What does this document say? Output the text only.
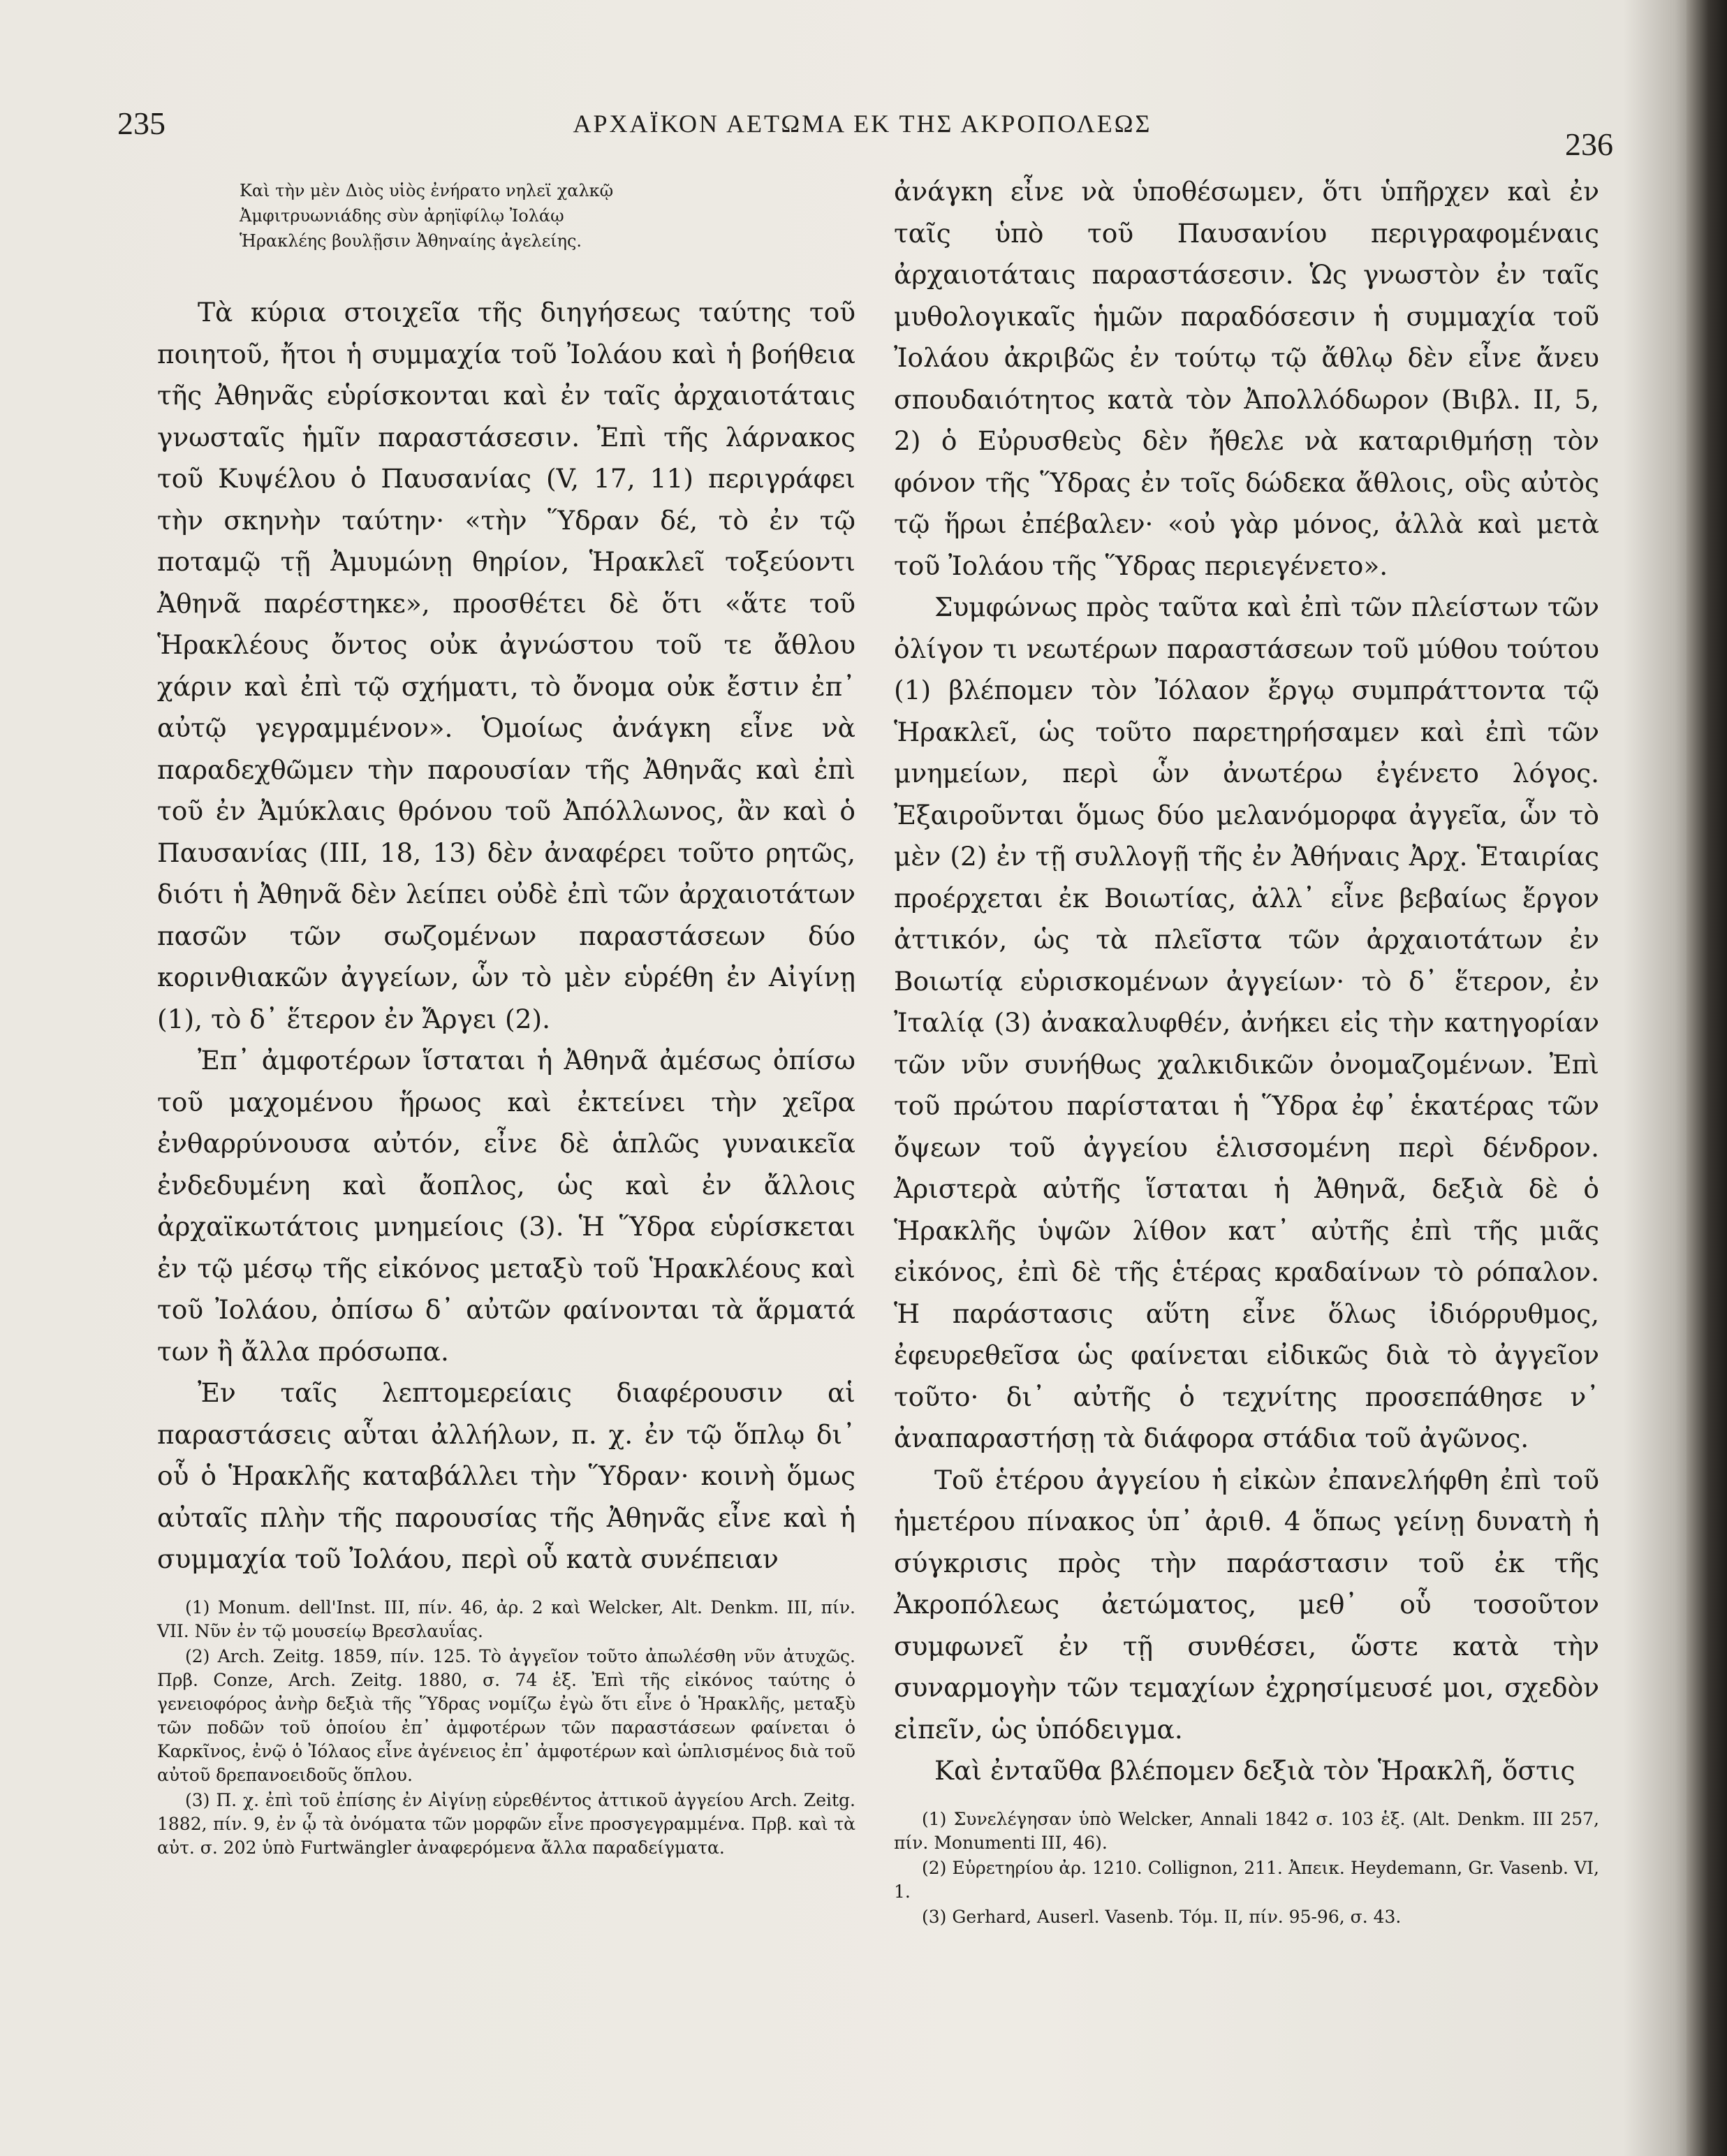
235	ΑΡΧΑΪΚΟΝ ΑΕΤΩΜΑ ΕΚ ΤΗΣ ΑΚΡΟΠΟΛΕΩΣ
236
Καὶ τὴν μὲν Διὸς υἱὸς ἐνήρατο νηλεϊ χαλκῷ
Ἀμφιτρυωνιάδης σὺν ἀρηϊφίλῳ Ἰολάῳ
Ἡρακλέης βουλῇσιν Ἀθηναίης ἀγελείης.

Τὰ κύρια στοιχεῖα τῆς διηγήσεως ταύτης τοῦ ποιητοῦ, ἤτοι ἡ συμμαχία τοῦ Ἰολάου καὶ ἡ βοήθεια τῆς Ἀθηνᾶς εὑρίσκονται καὶ ἐν ταῖς ἀρχαιοτάταις γνωσταῖς ἡμῖν παραστάσεσιν. Ἐπὶ τῆς λάρνακος τοῦ Κυψέλου ὁ Παυσανίας (V, 17, 11) περιγράφει τὴν σκηνὴν ταύτην· «τὴν Ὕδραν δέ, τὸ ἐν τῷ ποταμῷ τῇ Ἀμυμώνῃ θηρίον, Ἡρακλεῖ τοξεύοντι Ἀθηνᾶ παρέστηκε», προσθέτει δὲ ὅτι «ἅτε τοῦ Ἡρακλέους ὄντος οὐκ ἀγνώστου τοῦ τε ἄθλου χάριν καὶ ἐπὶ τῷ σχήματι, τὸ ὄνομα οὐκ ἔστιν ἐπ᾽ αὐτῷ γεγραμμένον». Ὁμοίως ἀνάγκη εἶνε νὰ παραδεχθῶμεν τὴν παρουσίαν τῆς Ἀθηνᾶς καὶ ἐπὶ τοῦ ἐν Ἀμύκλαις θρόνου τοῦ Ἀπόλλωνος, ἂν καὶ ὁ Παυσανίας (III, 18, 13) δὲν ἀναφέρει τοῦτο ρητῶς, διότι ἡ Ἀθηνᾶ δὲν λείπει οὐδὲ ἐπὶ τῶν ἀρχαιοτάτων πασῶν τῶν σωζομένων παραστάσεων δύο κορινθιακῶν ἀγγείων, ὧν τὸ μὲν εὑρέθη ἐν Αἰγίνῃ (1), τὸ δ᾽ ἕτερον ἐν Ἄργει (2).

Ἐπ᾽ ἀμφοτέρων ἵσταται ἡ Ἀθηνᾶ ἀμέσως ὀπίσω τοῦ μαχομένου ἥρωος καὶ ἐκτείνει τὴν χεῖρα ἐνθαρρύνουσα αὐτόν, εἶνε δὲ ἁπλῶς γυναικεῖα ἐνδεδυμένη καὶ ἄοπλος, ὡς καὶ ἐν ἄλλοις ἀρχαϊκωτάτοις μνημείοις (3). Ἡ Ὕδρα εὑρίσκεται ἐν τῷ μέσῳ τῆς εἰκόνος μεταξὺ τοῦ Ἡρακλέους καὶ τοῦ Ἰολάου, ὀπίσω δ᾽ αὐτῶν φαίνονται τὰ ἅρματά των ἢ ἄλλα πρόσωπα.

Ἐν ταῖς λεπτομερείαις διαφέρουσιν αἱ παραστάσεις αὗται ἀλλήλων, π. χ. ἐν τῷ ὅπλῳ δι᾽ οὗ ὁ Ἡρακλῆς καταβάλλει τὴν Ὕδραν· κοινὴ ὅμως αὐταῖς πλὴν τῆς παρουσίας τῆς Ἀθηνᾶς εἶνε καὶ ἡ συμμαχία τοῦ Ἰολάου, περὶ οὗ κατὰ συνέπειαν

(1) Monum. dell'Inst. III, πίν. 46, ἀρ. 2 καὶ Welcker, Alt. Denkm. III, πίν. VII. Νῦν ἐν τῷ μουσείῳ Βρεσλαυΐας.

(2) Arch. Zeitg. 1859, πίν. 125. Τὸ ἀγγεῖον τοῦτο ἀπωλέσθη νῦν ἀτυχῶς. Πρβ. Conze, Arch. Zeitg. 1880, σ. 74 ἑξ. Ἐπὶ τῆς εἰκόνος ταύτης ὁ γενειοφόρος ἀνὴρ δεξιὰ τῆς Ὕδρας νομίζω ἐγὼ ὅτι εἶνε ὁ Ἡρακλῆς, μεταξὺ τῶν ποδῶν τοῦ ὁποίου ἐπ᾽ ἀμφοτέρων τῶν παραστάσεων φαίνεται ὁ Καρκῖνος, ἐνῷ ὁ Ἰόλαος εἶνε ἀγένειος ἐπ᾽ ἀμφοτέρων καὶ ὡπλισμένος διὰ τοῦ αὐτοῦ δρεπανοειδοῦς ὅπλου.

(3) Π. χ. ἐπὶ τοῦ ἐπίσης ἐν Αἰγίνῃ εὑρεθέντος ἀττικοῦ ἀγγείου Arch. Zeitg. 1882, πίν. 9, ἐν ᾧ τὰ ὀνόματα τῶν μορφῶν εἶνε προσγεγραμμένα. Πρβ. καὶ τὰ αὐτ. σ. 202 ὑπὸ Furtwängler ἀναφερόμενα ἄλλα παραδείγματα.

ἀνάγκη εἶνε νὰ ὑποθέσωμεν, ὅτι ὑπῆρχεν καὶ ἐν ταῖς ὑπὸ τοῦ Παυσανίου περιγραφομέναις ἀρχαιοτάταις παραστάσεσιν. Ὡς γνωστὸν ἐν ταῖς μυθολογικαῖς ἡμῶν παραδόσεσιν ἡ συμμαχία τοῦ Ἰολάου ἀκριβῶς ἐν τούτῳ τῷ ἄθλῳ δὲν εἶνε ἄνευ σπουδαιότητος κατὰ τὸν Ἀπολλόδωρον (Βιβλ. II, 5, 2) ὁ Εὐρυσθεὺς δὲν ἤθελε νὰ καταριθμήσῃ τὸν φόνον τῆς Ὕδρας ἐν τοῖς δώδεκα ἄθλοις, οὓς αὐτὸς τῷ ἥρωι ἐπέβαλεν· «οὐ γὰρ μόνος, ἀλλὰ καὶ μετὰ τοῦ Ἰολάου τῆς Ὕδρας περιεγένετο».

Συμφώνως πρὸς ταῦτα καὶ ἐπὶ τῶν πλείστων τῶν ὀλίγον τι νεωτέρων παραστάσεων τοῦ μύθου τούτου (1) βλέπομεν τὸν Ἰόλαον ἔργῳ συμπράττοντα τῷ Ἡρακλεῖ, ὡς τοῦτο παρετηρήσαμεν καὶ ἐπὶ τῶν μνημείων, περὶ ὧν ἀνωτέρω ἐγένετο λόγος. Ἐξαιροῦνται ὅμως δύο μελανόμορφα ἀγγεῖα, ὧν τὸ μὲν (2) ἐν τῇ συλλογῇ τῆς ἐν Ἀθήναις Ἀρχ. Ἑταιρίας προέρχεται ἐκ Βοιωτίας, ἀλλ᾽ εἶνε βεβαίως ἔργον ἀττικόν, ὡς τὰ πλεῖστα τῶν ἀρχαιοτάτων ἐν Βοιωτίᾳ εὑρισκομένων ἀγγείων· τὸ δ᾽ ἕτερον, ἐν Ἰταλίᾳ (3) ἀνακαλυφθέν, ἀνήκει εἰς τὴν κατηγορίαν τῶν νῦν συνήθως χαλκιδικῶν ὀνομαζομένων. Ἐπὶ τοῦ πρώτου παρίσταται ἡ Ὕδρα ἐφ᾽ ἑκατέρας τῶν ὄψεων τοῦ ἀγγείου ἑλισσομένη περὶ δένδρον. Ἀριστερὰ αὐτῆς ἵσταται ἡ Ἀθηνᾶ, δεξιὰ δὲ ὁ Ἡρακλῆς ὑψῶν λίθον κατ᾽ αὐτῆς ἐπὶ τῆς μιᾶς εἰκόνος, ἐπὶ δὲ τῆς ἑτέρας κραδαίνων τὸ ρόπαλον. Ἡ παράστασις αὕτη εἶνε ὅλως ἰδιόρρυθμος, ἐφευρεθεῖσα ὡς φαίνεται εἰδικῶς διὰ τὸ ἀγγεῖον τοῦτο· δι᾽ αὐτῆς ὁ τεχνίτης προσεπάθησε ν᾽ ἀναπαραστήσῃ τὰ διάφορα στάδια τοῦ ἀγῶνος.

Τοῦ ἑτέρου ἀγγείου ἡ εἰκὼν ἐπανελήφθη ἐπὶ τοῦ ἡμετέρου πίνακος ὑπ᾽ ἀριθ. 4 ὅπως γείνῃ δυνατὴ ἡ σύγκρισις πρὸς τὴν παράστασιν τοῦ ἐκ τῆς Ἀκροπόλεως ἀετώματος, μεθ᾽ οὗ τοσοῦτον συμφωνεῖ ἐν τῇ συνθέσει, ὥστε κατὰ τὴν συναρμογὴν τῶν τεμαχίων ἐχρησίμευσέ μοι, σχεδὸν εἰπεῖν, ὡς ὑπόδειγμα.

Καὶ ἐνταῦθα βλέπομεν δεξιὰ τὸν Ἡρακλῆ, ὅστις

(1) Συνελέγησαν ὑπὸ Welcker, Annali 1842 σ. 103 ἑξ. (Alt. Denkm. III 257, πίν. Monumenti III, 46).

(2) Εὑρετηρίου ἀρ. 1210. Collignon, 211. Ἀπεικ. Heydemann, Gr. Vasenb. VI, 1.

(3) Gerhard, Auserl. Vasenb. Τόμ. II, πίν. 95-96, σ. 43.
